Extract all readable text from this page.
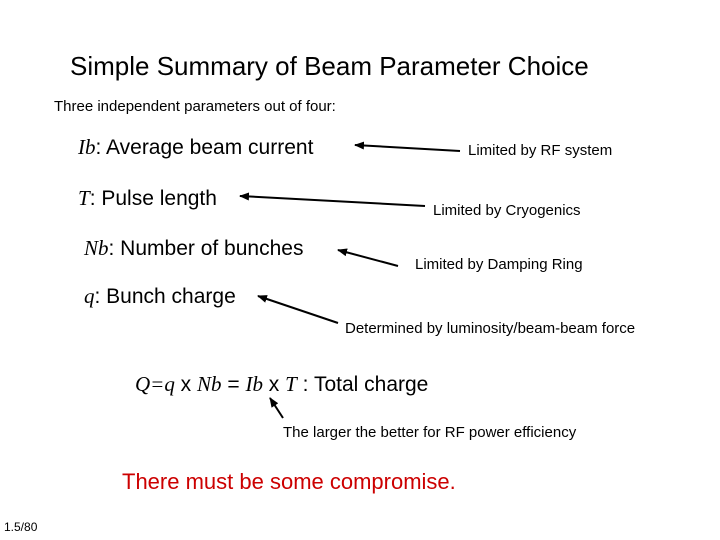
Simple Summary of Beam Parameter Choice
Three independent parameters out of four:
Ib: Average beam current	Limited by RF system
T: Pulse length
Limited by Cryogenics
Nb: Number of bunches
Limited by Damping Ring
q: Bunch charge
Determined by luminosity/beam-beam force
Q=q x Nb = Ib x T : Total charge
The larger the better for RF power efficiency
There must be some compromise.
1.5/80
